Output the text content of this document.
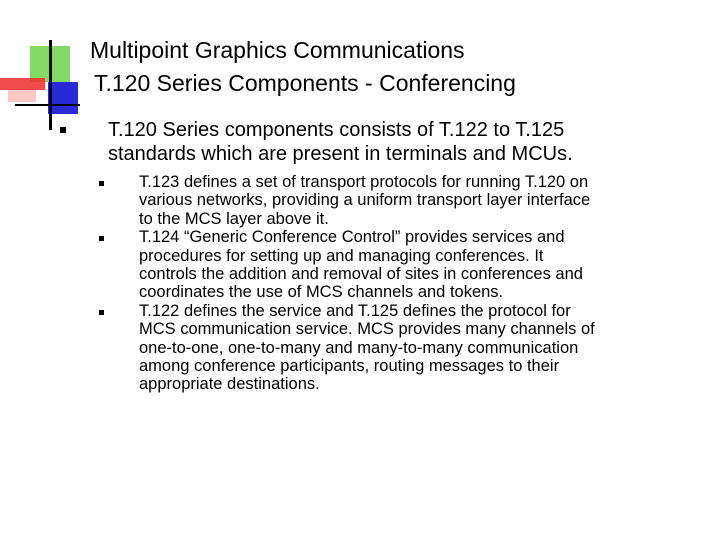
Multipoint Graphics Communications
T.120 Series Components - Conferencing
T.120 Series components consists of T.122 to T.125
standards which are present in terminals and MCUs.
T.123 defines a set of transport protocols for running T.120 on
various networks, providing a uniform transport layer interface
to the MCS layer above it.
T.124 “Generic Conference Control” provides services and
procedures for setting up and managing conferences. It
controls the addition and removal of sites in conferences and
coordinates the use of MCS channels and tokens.
T.122 defines the service and T.125 defines the protocol for
MCS communication service. MCS provides many channels of
one-to-one, one-to-many and many-to-many communication
among conference participants, routing messages to their
appropriate destinations.
